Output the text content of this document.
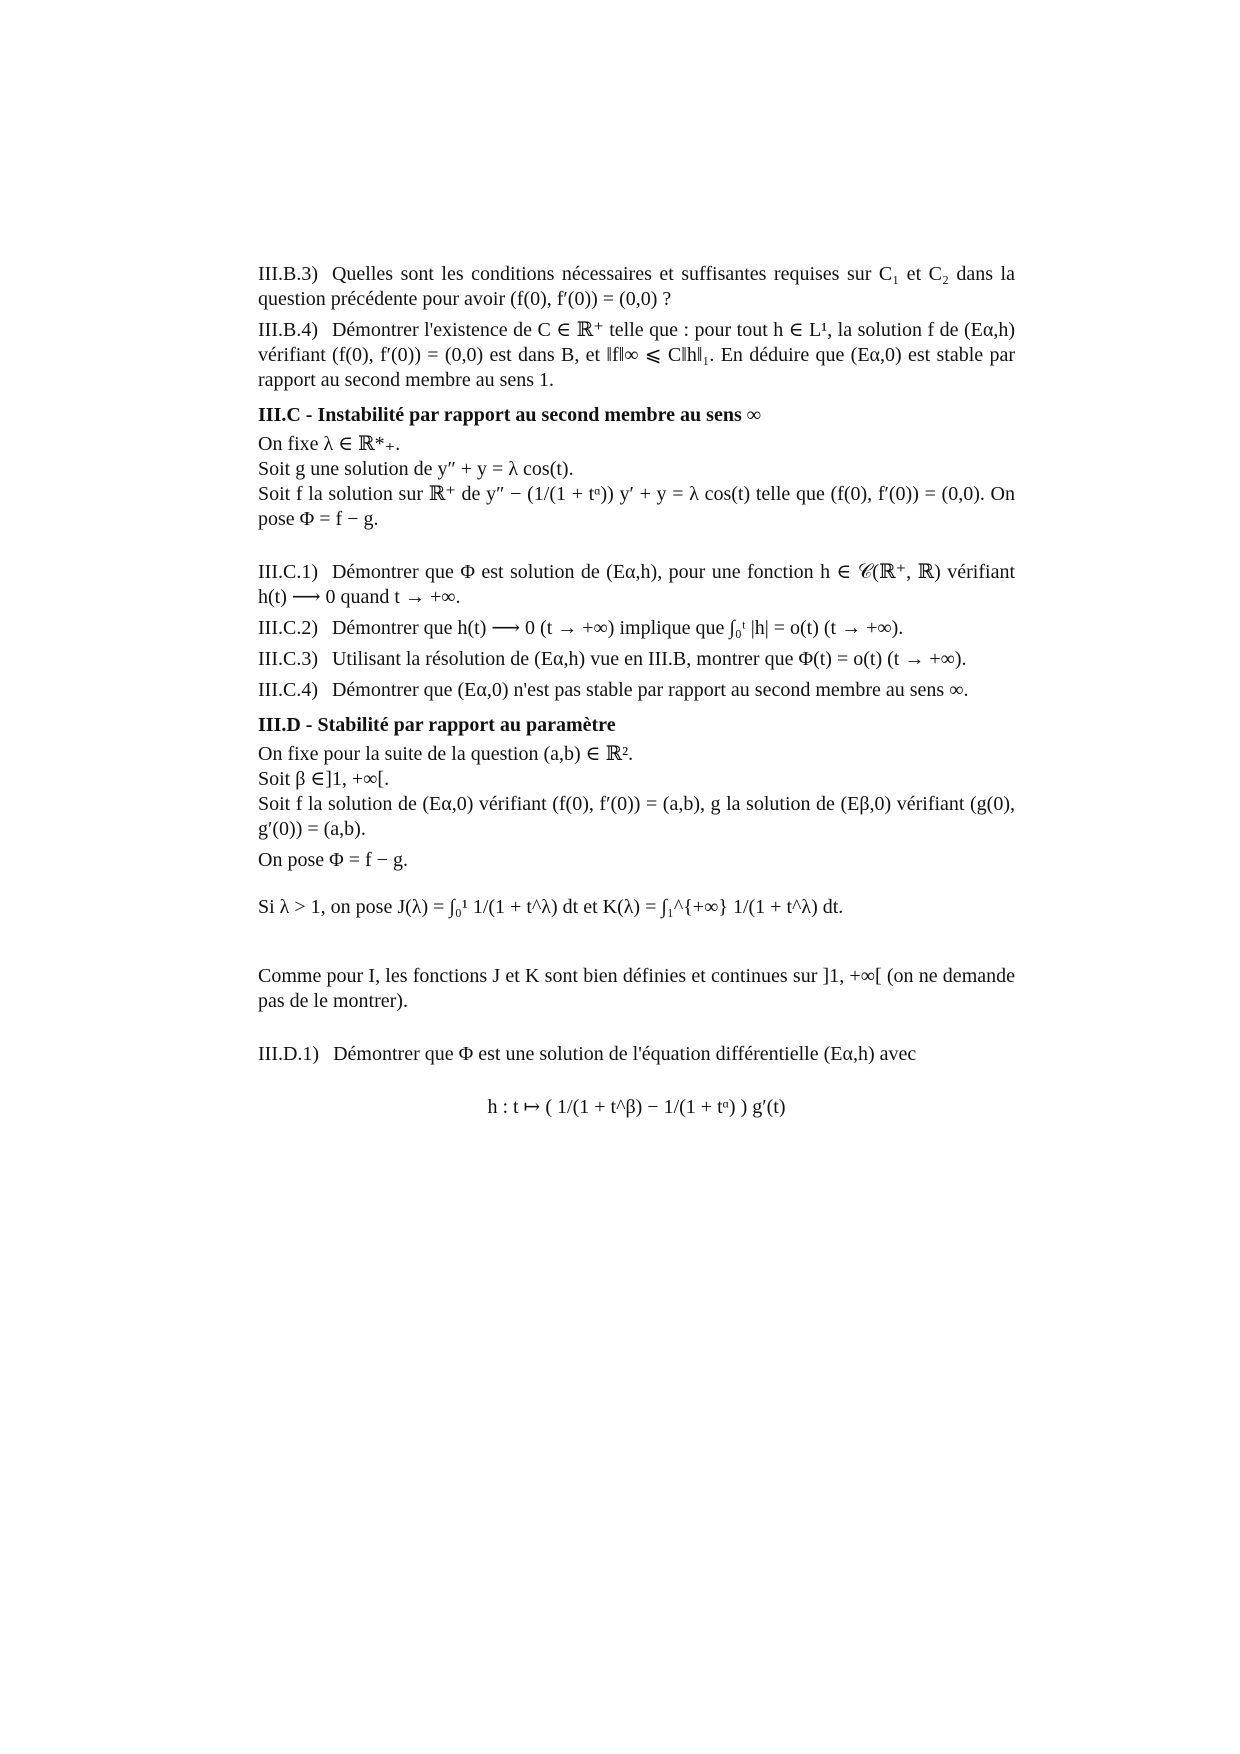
III.B.3) Quelles sont les conditions nécessaires et suffisantes requises sur C₁ et C₂ dans la question précédente pour avoir (f(0), f′(0)) = (0,0) ?

III.B.4) Démontrer l'existence de C ∈ ℝ⁺ telle que : pour tout h ∈ L¹, la solution f de (Eα,h) vérifiant (f(0), f′(0)) = (0,0) est dans B, et ‖f‖∞ ⩽ C‖h‖₁. En déduire que (Eα,0) est stable par rapport au second membre au sens 1.

III.C - Instabilité par rapport au second membre au sens ∞

On fixe λ ∈ ℝ*₊.

Soit g une solution de y″ + y = λ cos(t).

Soit f la solution sur ℝ⁺ de y″ − (1/(1 + tᵅ)) y′ + y = λ cos(t) telle que (f(0), f′(0)) = (0,0). On pose Φ = f − g.

III.C.1) Démontrer que Φ est solution de (Eα,h), pour une fonction h ∈ 𝒞(ℝ⁺, ℝ) vérifiant h(t) ⟶ 0 quand t → +∞.

III.C.2) Démontrer que h(t) ⟶ 0 (t → +∞) implique que ∫₀ᵗ |h| = o(t) (t → +∞).

III.C.3) Utilisant la résolution de (Eα,h) vue en III.B, montrer que Φ(t) = o(t) (t → +∞).

III.C.4) Démontrer que (Eα,0) n'est pas stable par rapport au second membre au sens ∞.

III.D - Stabilité par rapport au paramètre

On fixe pour la suite de la question (a,b) ∈ ℝ².

Soit β ∈]1, +∞[.

Soit f la solution de (Eα,0) vérifiant (f(0), f′(0)) = (a,b), g la solution de (Eβ,0) vérifiant (g(0), g′(0)) = (a,b).

On pose Φ = f − g.

Si λ > 1, on pose J(λ) = ∫₀¹ 1/(1 + t^λ) dt et K(λ) = ∫₁^{+∞} 1/(1 + t^λ) dt.

Comme pour I, les fonctions J et K sont bien définies et continues sur ]1, +∞[ (on ne demande pas de le montrer).

III.D.1) Démontrer que Φ est une solution de l'équation différentielle (Eα,h) avec

h : t ↦ ( 1/(1 + t^β) − 1/(1 + tᵅ) ) g′(t)
